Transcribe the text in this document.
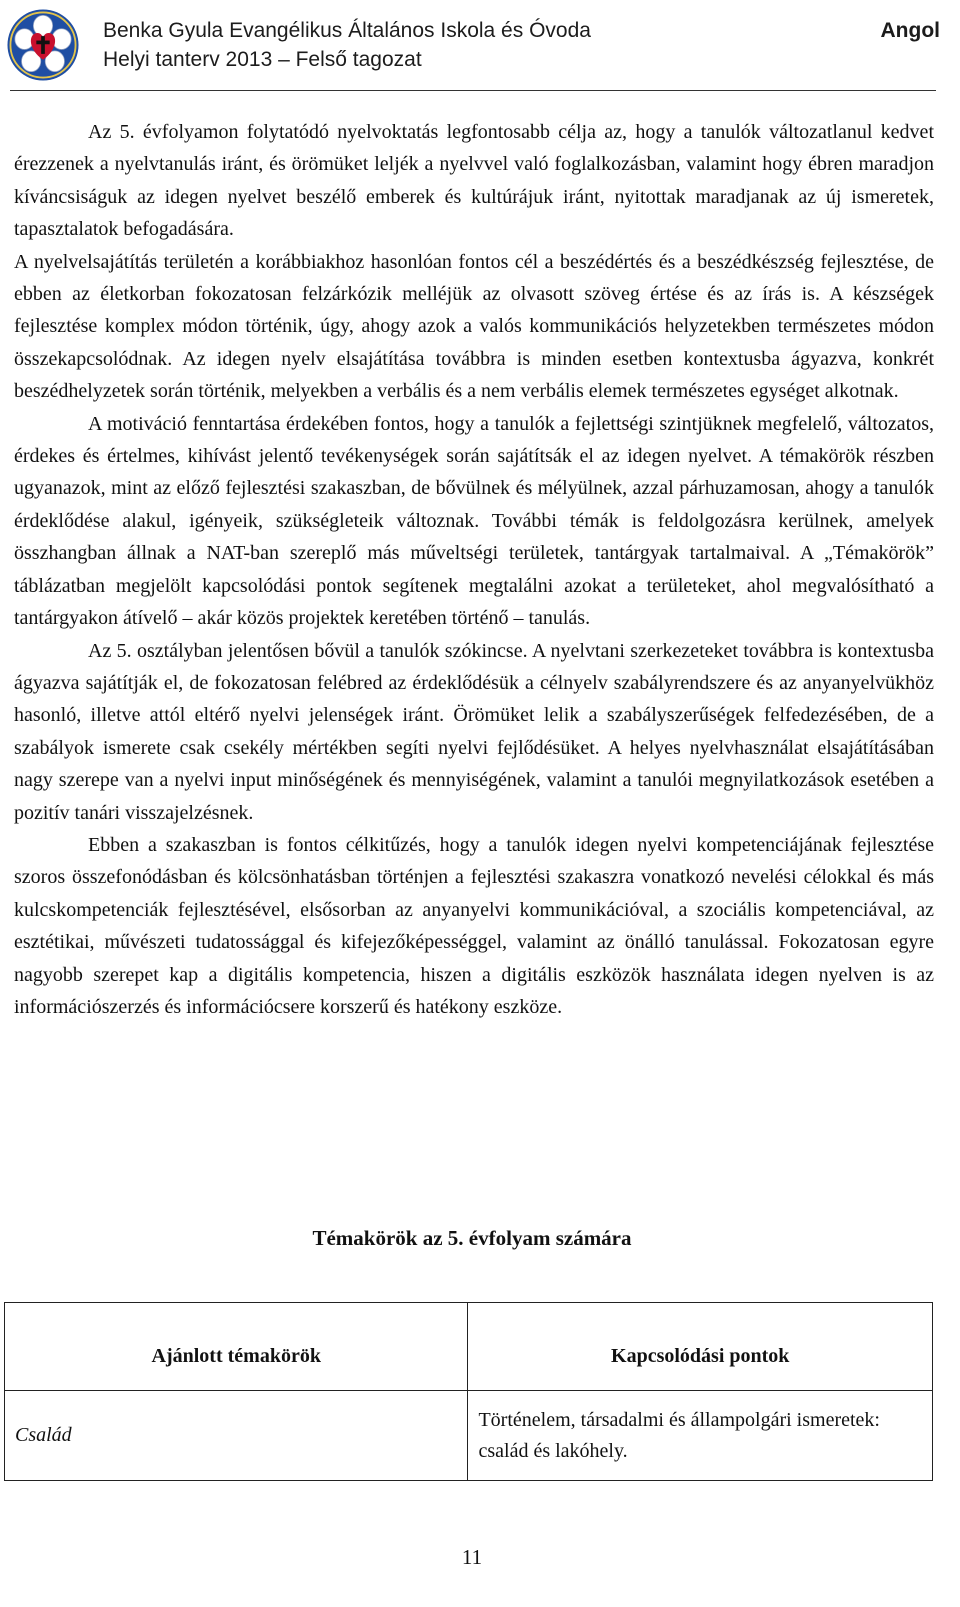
Benka Gyula Evangélikus Általános Iskola és Óvoda
Helyi tanterv 2013 – Felső tagozat
Angol

Az 5. évfolyamon folytatódó nyelvoktatás legfontosabb célja az, hogy a tanulók változatlanul kedvet érezzenek a nyelvtanulás iránt, és örömüket leljék a nyelvvel való foglalkozásban, valamint hogy ébren maradjon kíváncsiságuk az idegen nyelvet beszélő emberek és kultúrájuk iránt, nyitottak maradjanak az új ismeretek, tapasztalatok befogadására.

A nyelvelsajátítás területén a korábbiakhoz hasonlóan fontos cél a beszédértés és a beszédkészség fejlesztése, de ebben az életkorban fokozatosan felzárkózik melléjük az olvasott szöveg értése és az írás is. A készségek fejlesztése komplex módon történik, úgy, ahogy azok a valós kommunikációs helyzetekben természetes módon összekapcsolódnak. Az idegen nyelv elsajátítása továbbra is minden esetben kontextusba ágyazva, konkrét beszédhelyzetek során történik, melyekben a verbális és a nem verbális elemek természetes egységet alkotnak.

A motiváció fenntartása érdekében fontos, hogy a tanulók a fejlettségi szintjüknek megfelelő, változatos, érdekes és értelmes, kihívást jelentő tevékenységek során sajátítsák el az idegen nyelvet. A témakörök részben ugyanazok, mint az előző fejlesztési szakaszban, de bővülnek és mélyülnek, azzal párhuzamosan, ahogy a tanulók érdeklődése alakul, igényeik, szükségleteik változnak. További témák is feldolgozásra kerülnek, amelyek összhangban állnak a NAT-ban szereplő más műveltségi területek, tantárgyak tartalmaival. A „Témakörök” táblázatban megjelölt kapcsolódási pontok segítenek megtalálni azokat a területeket, ahol megvalósítható a tantárgyakon átívelő – akár közös projektek keretében történő – tanulás.

Az 5. osztályban jelentősen bővül a tanulók szókincse. A nyelvtani szerkezeteket továbbra is kontextusba ágyazva sajátítják el, de fokozatosan felébred az érdeklődésük a célnyelv szabályrendszere és az anyanyelvükhöz hasonló, illetve attól eltérő nyelvi jelenségek iránt. Örömüket lelik a szabályszerűségek felfedezésében, de a szabályok ismerete csak csekély mértékben segíti nyelvi fejlődésüket. A helyes nyelvhasználat elsajátításában nagy szerepe van a nyelvi input minőségének és mennyiségének, valamint a tanulói megnyilatkozások esetében a pozitív tanári visszajelzésnek.

Ebben a szakaszban is fontos célkitűzés, hogy a tanulók idegen nyelvi kompetenciájának fejlesztése szoros összefonódásban és kölcsönhatásban történjen a fejlesztési szakaszra vonatkozó nevelési célokkal és más kulcskompetenciák fejlesztésével, elsősorban az anyanyelvi kommunikációval, a szociális kompetenciával, az esztétikai, művészeti tudatossággal és kifejezőképességgel, valamint az önálló tanulással. Fokozatosan egyre nagyobb szerepet kap a digitális kompetencia, hiszen a digitális eszközök használata idegen nyelven is az információszerzés és információcsere korszerű és hatékony eszköze.

Témakörök az 5. évfolyam számára
Ajánlott témakörök	Kapcsolódási pontok
Család	Történelem, társadalmi és állampolgári ismeretek: család és lakóhely.
11
